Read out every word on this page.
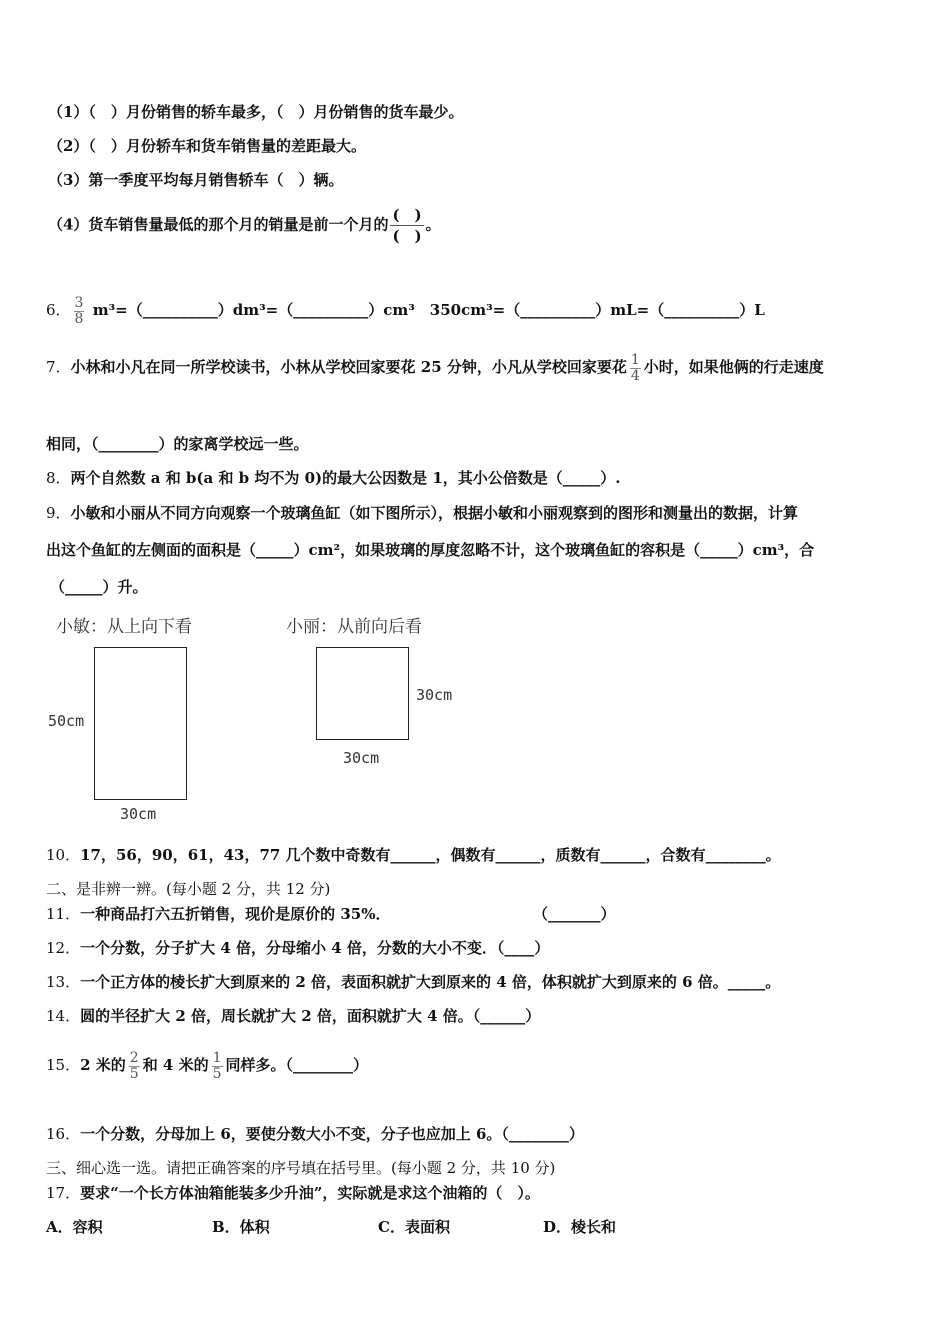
（1）（　）月份销售的轿车最多，（　）月份销售的货车最少。
（2）（　）月份轿车和货车销售量的差距最大。
（3）第一季度平均每月销售轿车（　）辆。
（4）货车销售量最低的那个月的销量是前一个月的
(　)
(　)
。
6． $\frac{3}{8}$ m³=（__________）dm³=（__________）cm³　350cm³=（__________）mL=（__________）L
7．小林和小凡在同一所学校读书，小林从学校回家要花 25 分钟，小凡从学校回家要花 $\frac{1}{4}$ 小时，如果他俩的行走速度
相同，（________）的家离学校远一些。
8．两个自然数 a 和 b(a 和 b 均不为 0)的最大公因数是 1，其小公倍数是（_____）.
9．小敏和小丽从不同方向观察一个玻璃鱼缸（如下图所示），根据小敏和小丽观察到的图形和测量出的数据，计算
出这个鱼缸的左侧面的面积是（_____）cm²，如果玻璃的厚度忽略不计，这个玻璃鱼缸的容积是（_____）cm³，合
（_____）升。
小敏：从上向下看
50cm
30cm
小丽：从前向后看
30cm
30cm
10．17，56，90，61，43，77 几个数中奇数有______，偶数有______，质数有______，合数有________。
二、是非辨一辨。(每小题 2 分，共 12 分)
11．一种商品打六五折销售，现价是原价的 35%．	（_______）
12．一个分数，分子扩大 4 倍，分母缩小 4 倍，分数的大小不变．（____）
13．一个正方体的棱长扩大到原来的 2 倍，表面积就扩大到原来的 4 倍，体积就扩大到原来的 6 倍。_____。
14．圆的半径扩大 2 倍，周长就扩大 2 倍，面积就扩大 4 倍。（______）
15．2 米的 $\frac{2}{5}$ 和 4 米的 $\frac{1}{5}$ 同样多。（________）
16．一个分数，分母加上 6，要使分数大小不变，分子也应加上 6。（________）
三、细心选一选。请把正确答案的序号填在括号里。(每小题 2 分，共 10 分)
17．要求“一个长方体油箱能装多少升油”，实际就是求这个油箱的（　）。
A．容积	B．体积	C．表面积	D．棱长和
